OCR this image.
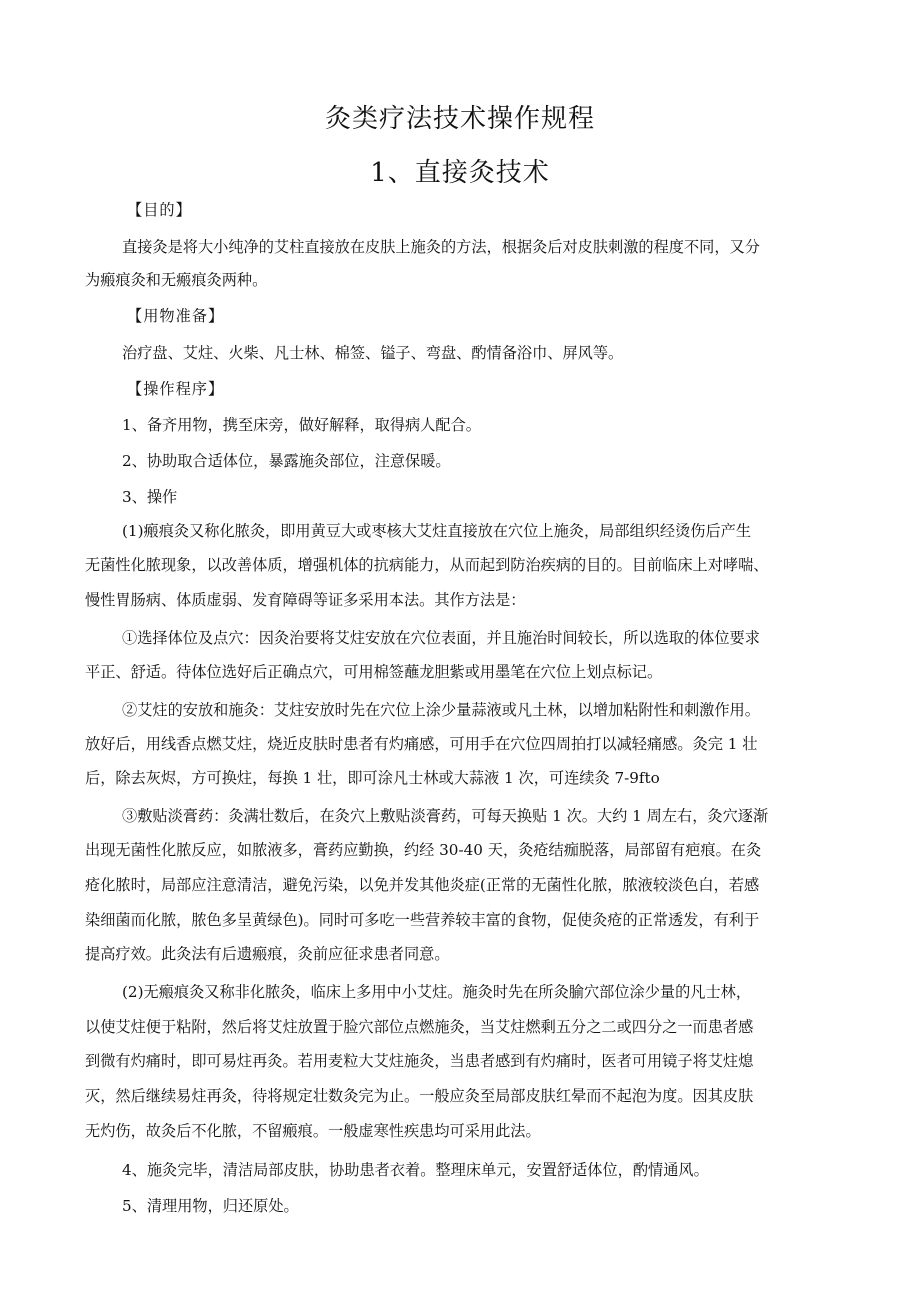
灸类疗法技术操作规程
1、直接灸技术
【目的】
直接灸是将大小纯净的艾柱直接放在皮肤上施灸的方法，根据灸后对皮肤刺激的程度不同，又分
为瘢痕灸和无瘢痕灸两种。
【用物准备】
治疗盘、艾炷、火柴、凡士林、棉签、镒子、弯盘、酌情备浴巾、屏风等。
【操作程序】
1、备齐用物，携至床旁，做好解释，取得病人配合。
2、协助取合适体位，暴露施灸部位，注意保暖。
3、操作
(1)瘢痕灸又称化脓灸，即用黄豆大或枣核大艾炷直接放在穴位上施灸，局部组织经烫伤后产生
无菌性化脓现象，以改善体质，增强机体的抗病能力，从而起到防治疾病的目的。目前临床上对哮喘、
慢性胃肠病、体质虚弱、发育障碍等证多采用本法。其作方法是：
①选择体位及点穴：因灸治要将艾炷安放在穴位表面，并且施治时间较长，所以选取的体位要求
平正、舒适。待体位选好后正确点穴，可用棉签蘸龙胆紫或用墨笔在穴位上划点标记。
②艾炷的安放和施灸：艾炷安放时先在穴位上涂少量蒜液或凡土林，以增加粘附性和刺激作用。
放好后，用线香点燃艾炷，烧近皮肤时患者有灼痛感，可用手在穴位四周拍打以减轻痛感。灸完 1 壮
后，除去灰烬，方可换炷，每换 1 壮，即可涂凡士林或大蒜液 1 次，可连续灸 7-9fto
③敷贴淡膏药：灸满壮数后，在灸穴上敷贴淡膏药，可每天换贴 1 次。大约 1 周左右，灸穴逐渐
出现无菌性化脓反应，如脓液多，膏药应勤换，约经 30-40 天，灸疮结痂脱落，局部留有疤痕。在灸
疮化脓时，局部应注意清洁，避免污染，以免并发其他炎症(正常的无菌性化脓，脓液较淡色白，若感
染细菌而化脓，脓色多呈黄绿色)。同时可多吃一些营养较丰富的食物，促使灸疮的正常透发，有利于
提高疗效。此灸法有后遗瘢痕，灸前应征求患者同意。
(2)无瘢痕灸又称非化脓灸，临床上多用中小艾炷。施灸时先在所灸腧穴部位涂少量的凡士林，
以使艾炷便于粘附，然后将艾炷放置于脸穴部位点燃施灸，当艾炷燃剩五分之二或四分之一而患者感
到微有灼痛时，即可易炷再灸。若用麦粒大艾炷施灸，当患者感到有灼痛时，医者可用镜子将艾炷熄
灭，然后继续易炷再灸，待将规定壮数灸完为止。一般应灸至局部皮肤红晕而不起泡为度。因其皮肤
无灼伤，故灸后不化脓，不留瘢痕。一般虚寒性疾患均可采用此法。
4、施灸完毕，清洁局部皮肤，协助患者衣着。整理床单元，安置舒适体位，酌情通风。
5、清理用物，归还原处。
